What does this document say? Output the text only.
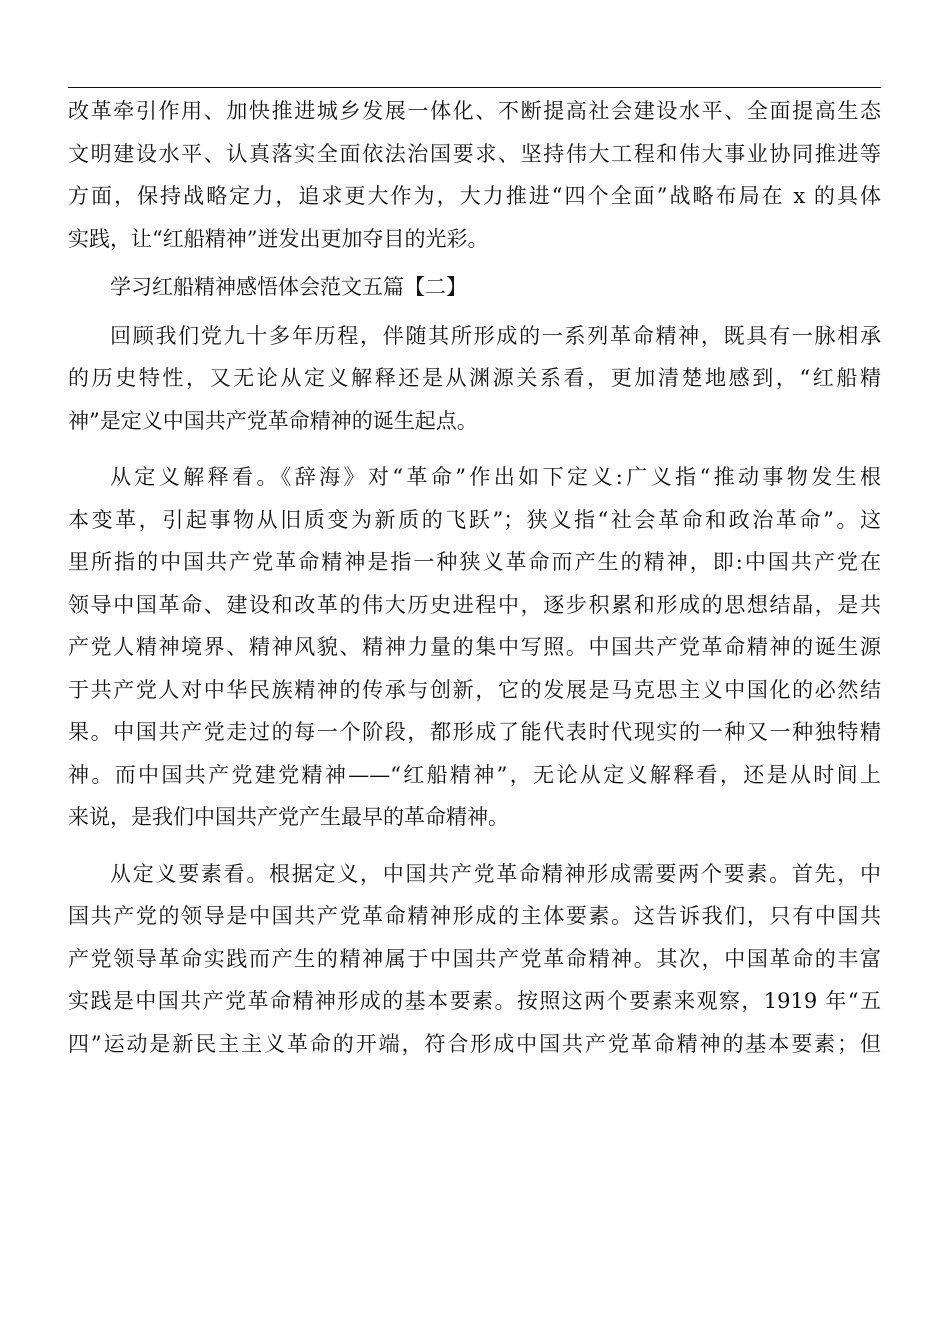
改革牵引作用、加快推进城乡发展一体化、不断提高社会建设水平、全面提高生态
文明建设水平、认真落实全面依法治国要求、坚持伟大工程和伟大事业协同推进等
方面，保持战略定力，追求更大作为，大力推进“四个全面”战略布局在 x 的具体
实践，让“红船精神”迸发出更加夺目的光彩。

学习红船精神感悟体会范文五篇【二】

回顾我们党九十多年历程，伴随其所形成的一系列革命精神，既具有一脉相承
的历史特性，又无论从定义解释还是从渊源关系看，更加清楚地感到，“红船精
神”是定义中国共产党革命精神的诞生起点。

从定义解释看。《辞海》对“革命”作出如下定义:广义指“推动事物发生根
本变革，引起事物从旧质变为新质的飞跃”；狭义指“社会革命和政治革命”。这
里所指的中国共产党革命精神是指一种狭义革命而产生的精神，即:中国共产党在
领导中国革命、建设和改革的伟大历史进程中，逐步积累和形成的思想结晶，是共
产党人精神境界、精神风貌、精神力量的集中写照。中国共产党革命精神的诞生源
于共产党人对中华民族精神的传承与创新，它的发展是马克思主义中国化的必然结
果。中国共产党走过的每一个阶段，都形成了能代表时代现实的一种又一种独特精
神。而中国共产党建党精神——“红船精神”，无论从定义解释看，还是从时间上
来说，是我们中国共产党产生最早的革命精神。

从定义要素看。根据定义，中国共产党革命精神形成需要两个要素。首先，中
国共产党的领导是中国共产党革命精神形成的主体要素。这告诉我们，只有中国共
产党领导革命实践而产生的精神属于中国共产党革命精神。其次，中国革命的丰富
实践是中国共产党革命精神形成的基本要素。按照这两个要素来观察，1919 年“五
四”运动是新民主主义革命的开端，符合形成中国共产党革命精神的基本要素；但
